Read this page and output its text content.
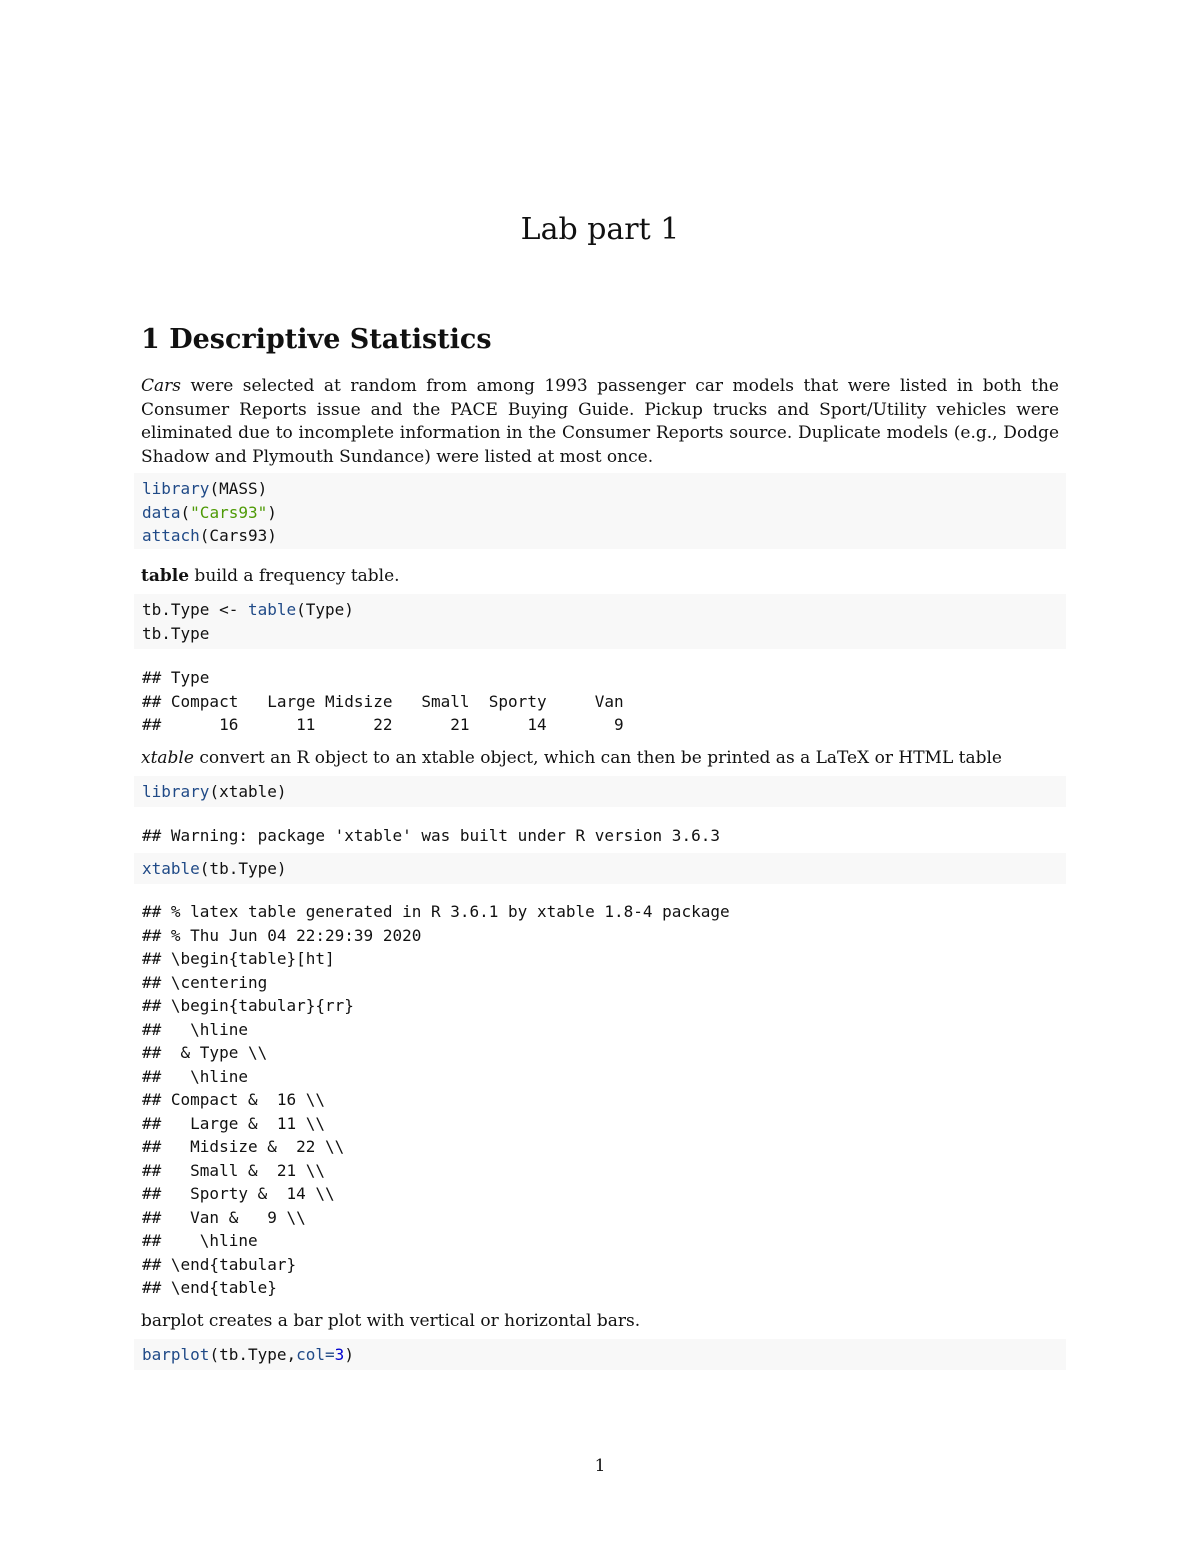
Lab part 1
1 Descriptive Statistics

Cars were selected at random from among 1993 passenger car models that were listed in both the Consumer Reports issue and the PACE Buying Guide. Pickup trucks and Sport/Utility vehicles were eliminated due to incomplete information in the Consumer Reports source. Duplicate models (e.g., Dodge Shadow and Plymouth Sundance) were listed at most once.

library(MASS)
data("Cars93")
attach(Cars93)

table build a frequency table.

tb.Type <- table(Type)
tb.Type
## Type
## Compact   Large Midsize   Small  Sporty     Van
##      16      11      22      21      14       9

xtable convert an R object to an xtable object, which can then be printed as a LaTeX or HTML table

library(xtable)
## Warning: package 'xtable' was built under R version 3.6.3
xtable(tb.Type)
## % latex table generated in R 3.6.1 by xtable 1.8-4 package
## % Thu Jun 04 22:29:39 2020
## \begin{table}[ht]
## \centering
## \begin{tabular}{rr}
##   \hline
##  & Type \\
##   \hline
## Compact &  16 \\
##   Large &  11 \\
##   Midsize &  22 \\
##   Small &  21 \\
##   Sporty &  14 \\
##   Van &   9 \\
##    \hline
## \end{tabular}
## \end{table}

barplot creates a bar plot with vertical or horizontal bars.

barplot(tb.Type,col=3)
1
